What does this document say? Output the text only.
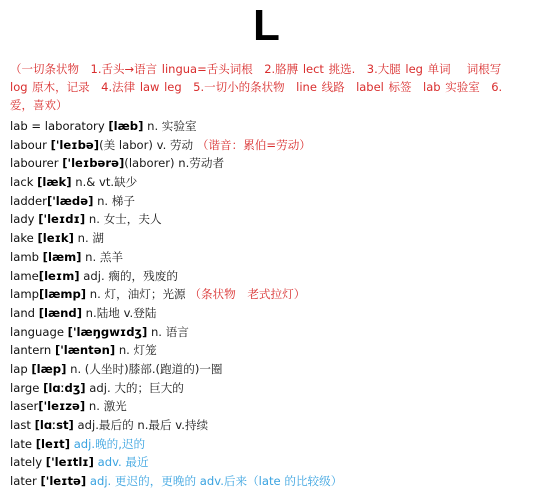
L
（一切条状物　1.舌头→语言 lingua=舌头词根　2.胳膊 lect 挑选.　3.大腿 leg 单词　 词根写 log 原木，记录　4.法律 law leg　5.一切小的条状物　line 线路　label 标签　lab 实验室　6.爱，喜欢）
lab = laboratory [læb] n. 实验室
labour ['leɪbə](美 labor) v. 劳动 （谐音：累伯=劳动）
labourer ['leɪbərə](laborer) n.劳动者
lack [læk] n.& vt.缺少
ladder['lædə] n. 梯子
lady ['leɪdɪ] n. 女士，夫人
lake [leɪk] n. 湖
lamb [læm] n. 羔羊
lame[leɪm] adj. 瘸的，残废的
lamp[læmp] n. 灯，油灯；光源 （条状物　老式拉灯）
land [lænd] n.陆地 v.登陆
language ['læŋgwɪdʒ] n. 语言
lantern ['læntən] n. 灯笼
lap [læp] n. (人坐时)膝部.(跑道的)一圈
large [lɑːdʒ] adj. 大的；巨大的
laser['leɪzə] n. 激光
last [lɑːst] adj.最后的 n.最后 v.持续
late [leɪt] adj.晚的,迟的
lately ['leɪtlɪ] adv. 最近
later ['leɪtə] adj. 更迟的，更晚的 adv.后来（late 的比较级）
